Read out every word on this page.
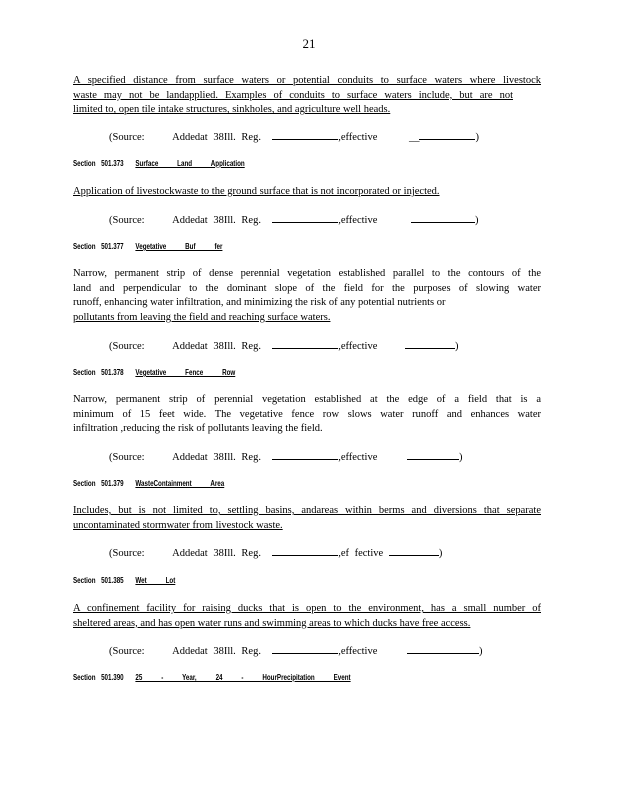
21
A specified distance from surface waters or potential conduits to surface waters where livestock
waste may not be landapplied. Examples of conduits to surface waters include, but are not
limited to, open tile intake structures, sinkholes, and agriculture well heads.
(Source:	Addedat 38Ill. Reg.	,effective	__	)
Section 501.373 Surface Land Application
Application of livestockwaste to the ground surface that is not incorporated or injected.
(Source:	Addedat 38Ill. Reg.	,effective	)
Section 501.377 Vegetative Buf fer
Narrow, permanent strip of dense perennial vegetation established parallel to the contours of the
land and perpendicular to the dominant slope of the field for the purposes of slowing water
runoff, enhancing water infiltration, and minimizing the risk of any potential nutrients or
pollutants from leaving the field and reaching surface waters.
(Source:	Addedat 38Ill. Reg.	,effective	)
Section 501.378 Vegetative Fence Row
Narrow, permanent strip of perennial vegetation established at the edge of a field that is a
minimum of 15 feet wide. The vegetative fence row slows water runoff and enhances water
infiltration ,reducing the risk of pollutants leaving the field.
(Source:	Addedat 38Ill. Reg.	,effective	)
Section 501.379 WasteContainment Area
Includes, but is not limited to, settling basins, andareas within berms and diversions that separate
uncontaminated stormwater from livestock waste.
(Source:	Addedat 38Ill. Reg.	,ef fective	)
Section 501.385 Wet Lot
A confinement facility for raising ducks that is open to the environment, has a small number of
sheltered areas, and has open water runs and swimming areas to which ducks have free access.
(Source:	Addedat 38Ill. Reg.	,effective	)
Section 501.390 25 - Year, 24 - HourPrecipitation Event
